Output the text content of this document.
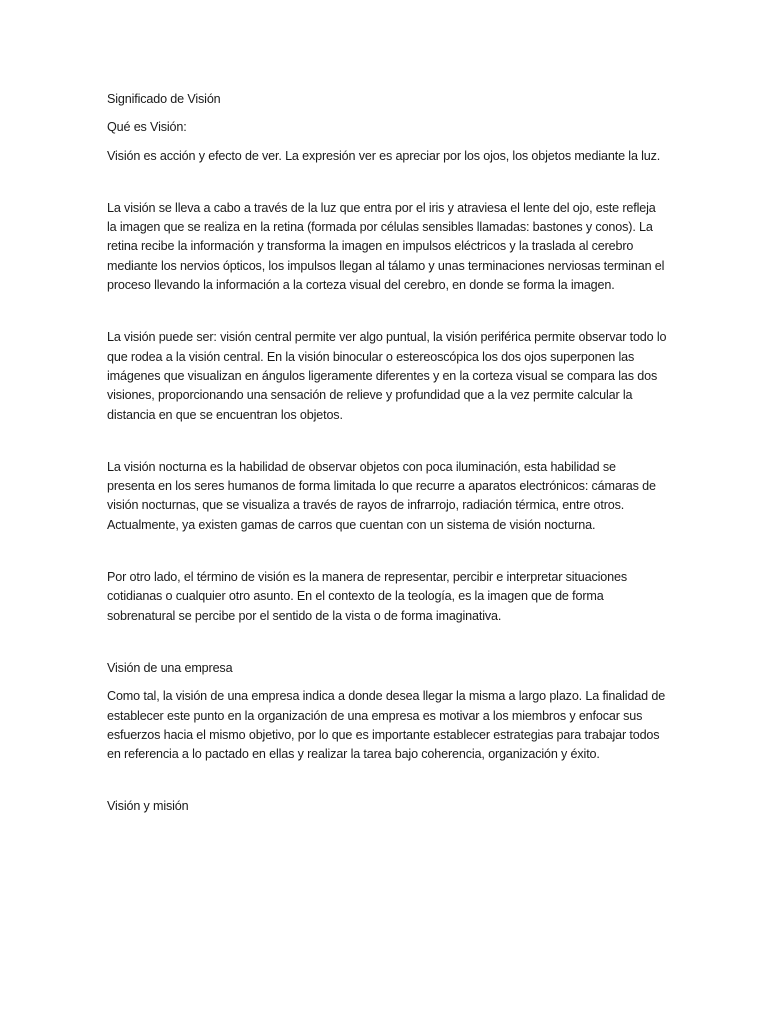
Significado de Visión

Qué es Visión:

Visión es acción y efecto de ver. La expresión ver es apreciar por los ojos, los objetos mediante la luz.

La visión se lleva a cabo a través de la luz que entra por el iris y atraviesa el lente del ojo, este refleja la imagen que se realiza en la retina (formada por células sensibles llamadas: bastones y conos). La retina recibe la información y transforma la imagen en impulsos eléctricos y la traslada al cerebro mediante los nervios ópticos, los impulsos llegan al tálamo y unas terminaciones nerviosas terminan el proceso llevando la información a la corteza visual del cerebro, en donde se forma la imagen.

La visión puede ser: visión central permite ver algo puntual, la visión periférica permite observar todo lo que rodea a la visión central. En la visión binocular o estereoscópica los dos ojos superponen las imágenes que visualizan en ángulos ligeramente diferentes y en la corteza visual se compara las dos visiones, proporcionando una sensación de relieve y profundidad que a la vez permite calcular la distancia en que se encuentran los objetos.

La visión nocturna es la habilidad de observar objetos con poca iluminación, esta habilidad se presenta en los seres humanos de forma limitada lo que recurre a aparatos electrónicos: cámaras de visión nocturnas, que se visualiza a través de rayos de infrarrojo, radiación térmica, entre otros. Actualmente, ya existen gamas de carros que cuentan con un sistema de visión nocturna.

Por otro lado, el término de visión es la manera de representar, percibir e interpretar situaciones cotidianas o cualquier otro asunto. En el contexto de la teología, es la imagen que de forma sobrenatural se percibe por el sentido de la vista o de forma imaginativa.

Visión de una empresa

Como tal, la visión de una empresa indica a donde desea llegar la misma a largo plazo. La finalidad de establecer este punto en la organización de una empresa es motivar a los miembros y enfocar sus esfuerzos hacia el mismo objetivo, por lo que es importante establecer estrategias para trabajar todos en referencia a lo pactado en ellas y realizar la tarea bajo coherencia, organización y éxito.

Visión y misión
